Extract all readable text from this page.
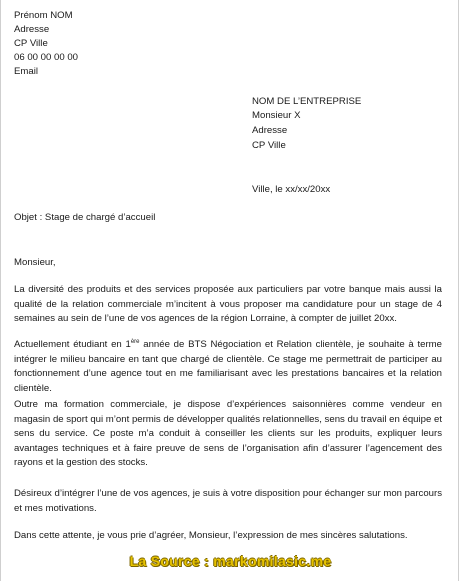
Prénom NOM
Adresse
CP Ville
06 00 00 00 00
Email
NOM DE L’ENTREPRISE
Monsieur X
Adresse
CP Ville
Ville, le xx/xx/20xx
Objet : Stage de chargé d’accueil
Monsieur,
La diversité des produits et des services proposée aux particuliers par votre banque mais aussi la qualité de la relation commerciale m’incitent à vous proposer ma candidature pour un stage de 4 semaines au sein de l’une de vos agences de la région Lorraine, à compter de juillet 20xx.
Actuellement étudiant en 1ère année de BTS Négociation et Relation clientèle, je souhaite à terme intégrer le milieu bancaire en tant que chargé de clientèle. Ce stage me permettrait de participer au fonctionnement d’une agence tout en me familiarisant avec les prestations bancaires et la relation clientèle.
Outre ma formation commerciale, je dispose d’expériences saisonnières comme vendeur en magasin de sport qui m’ont permis de développer qualités relationnelles, sens du travail en équipe et sens du service. Ce poste m’a conduit à conseiller les clients sur les produits, expliquer leurs avantages techniques et à faire preuve de sens de l’organisation afin d’assurer l’agencement des rayons et la gestion des stocks.
Désireux d’intégrer l’une de vos agences, je suis à votre disposition pour échanger sur mon parcours et mes motivations.
Dans cette attente, je vous prie d’agréer, Monsieur, l’expression de mes sincères salutations.
La Source : markomilasic.me
